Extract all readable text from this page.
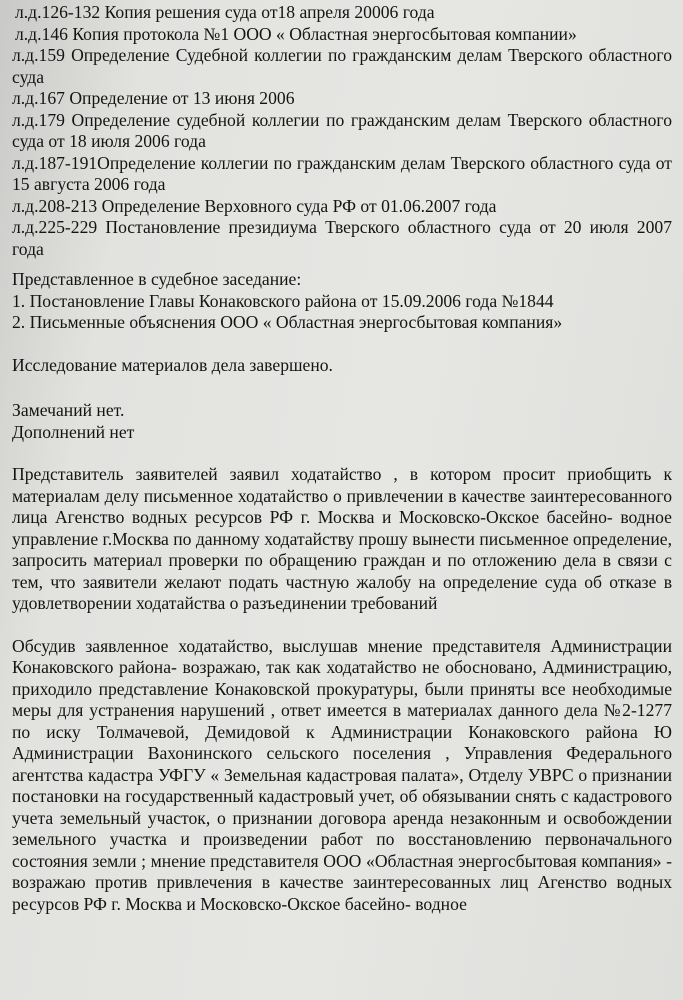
л.д.126-132 Копия решения суда от18 апреля 20006 года

л.д.146 Копия протокола №1 ООО « Областная энергосбытовая компании»

л.д.159 Определение Судебной коллегии по гражданским делам Тверского областного суда

л.д.167 Определение от 13 июня 2006

л.д.179 Определение судебной коллегии по гражданским делам Тверского областного суда от 18 июля 2006 года

л.д.187-191Определение коллегии по гражданским делам Тверского областного суда от 15 августа 2006 года

л.д.208-213 Определение Верховного суда РФ от 01.06.2007 года

л.д.225-229 Постановление президиума Тверского областного суда от 20 июля 2007 года

Представленное в судебное заседание:

1. Постановление Главы Конаковского района от 15.09.2006 года №1844

2. Письменные объяснения ООО « Областная энергосбытовая компания»

Исследование материалов дела завершено.

Замечаний нет.

Дополнений нет

Представитель заявителей заявил ходатайство , в котором просит приобщить к материалам делу письменное ходатайство о привлечении в качестве заинтересованного лица Агенство водных ресурсов РФ г. Москва и Московско-Окское басейно- водное управление г.Москва по данному ходатайству прошу вынести письменное определение, запросить материал проверки по обращению граждан и по отложению дела в связи с тем, что заявители желают подать частную жалобу на определение суда об отказе в удовлетворении ходатайства о разъединении требований

Обсудив заявленное ходатайство, выслушав мнение представителя Администрации Конаковского района- возражаю, так как ходатайство не обосновано, Администрацию, приходило представление Конаковской прокуратуры, были приняты все необходимые меры для устранения нарушений , ответ имеется в материалах данного дела №2-1277 по иску Толмачевой, Демидовой к Администрации Конаковского района Ю Администрации Вахонинского сельского поселения , Управления Федерального агентства кадастра УФГУ « Земельная кадастровая палата», Отделу УВРС о признании постановки на государственный кадастровый учет, об обязывании снять с кадастрового учета земельный участок, о признании договора аренда незаконным и освобождении земельного участка и произведении работ по восстановлению первоначального состояния земли ; мнение представителя ООО «Областная энергосбытовая компания» - возражаю против привлечения в качестве заинтересованных лиц Агенство водных ресурсов РФ г. Москва и Московско-Окское басейно- водное
